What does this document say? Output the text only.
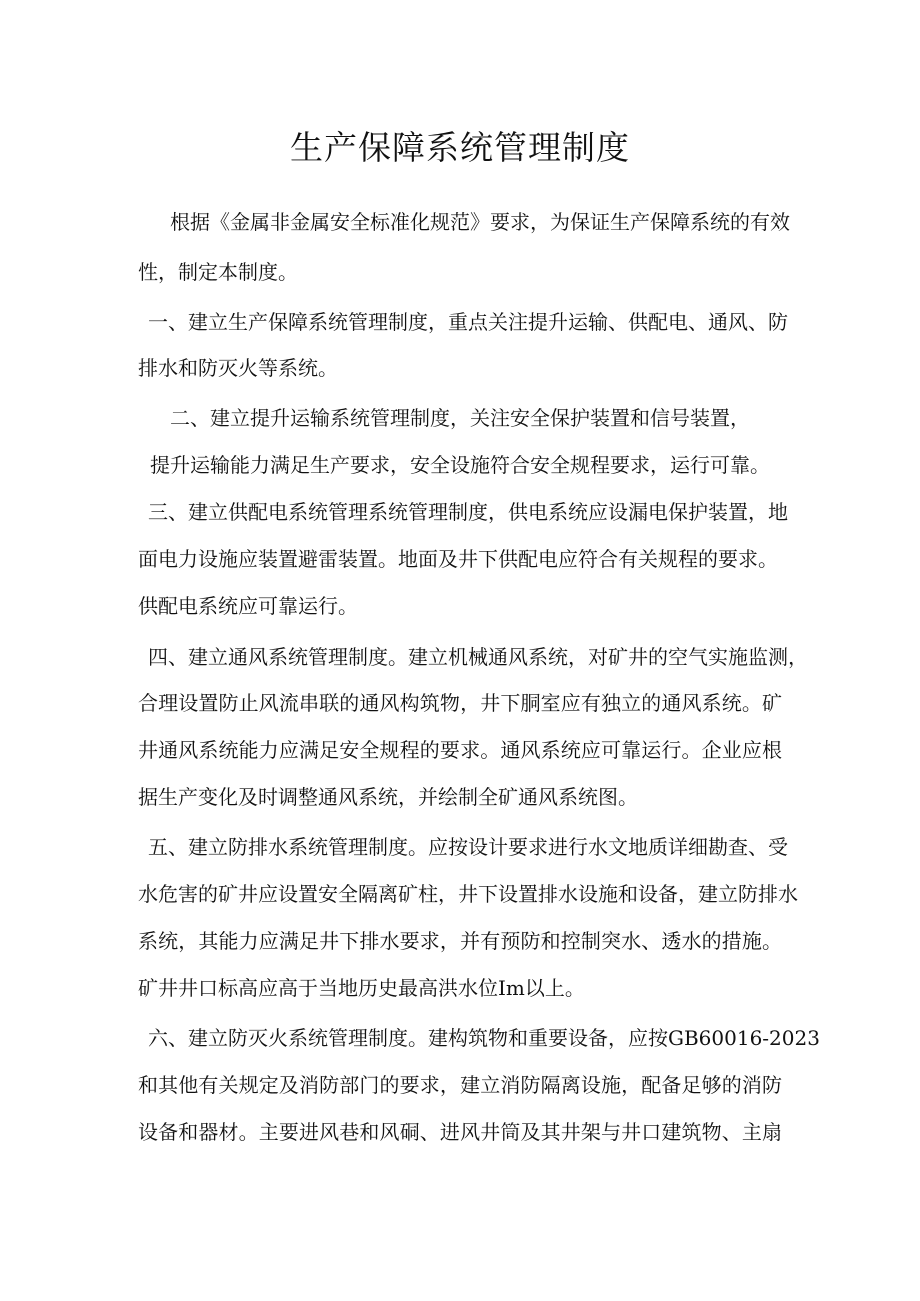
生产保障系统管理制度
根据《金属非金属安全标准化规范》要求，为保证生产保障系统的有效
性，制定本制度。
一、建立生产保障系统管理制度，重点关注提升运输、供配电、通风、防
排水和防灭火等系统。
二、建立提升运输系统管理制度，关注安全保护装置和信号装置，
提升运输能力满足生产要求，安全设施符合安全规程要求，运行可靠。
三、建立供配电系统管理系统管理制度，供电系统应设漏电保护装置，地
面电力设施应装置避雷装置。地面及井下供配电应符合有关规程的要求。
供配电系统应可靠运行。
四、建立通风系统管理制度。建立机械通风系统，对矿井的空气实施监测，
合理设置防止风流串联的通风构筑物，井下胴室应有独立的通风系统。矿
井通风系统能力应满足安全规程的要求。通风系统应可靠运行。企业应根
据生产变化及时调整通风系统，并绘制全矿通风系统图。
五、建立防排水系统管理制度。应按设计要求进行水文地质详细勘查、受
水危害的矿井应设置安全隔离矿柱，井下设置排水设施和设备，建立防排水
系统，其能力应满足井下排水要求，并有预防和控制突水、透水的措施。
矿井井口标高应高于当地历史最高洪水位Im以上。
六、建立防灭火系统管理制度。建构筑物和重要设备，应按GB60016-2023
和其他有关规定及消防部门的要求，建立消防隔离设施，配备足够的消防
设备和器材。主要进风巷和风硐、进风井筒及其井架与井口建筑物、主扇
